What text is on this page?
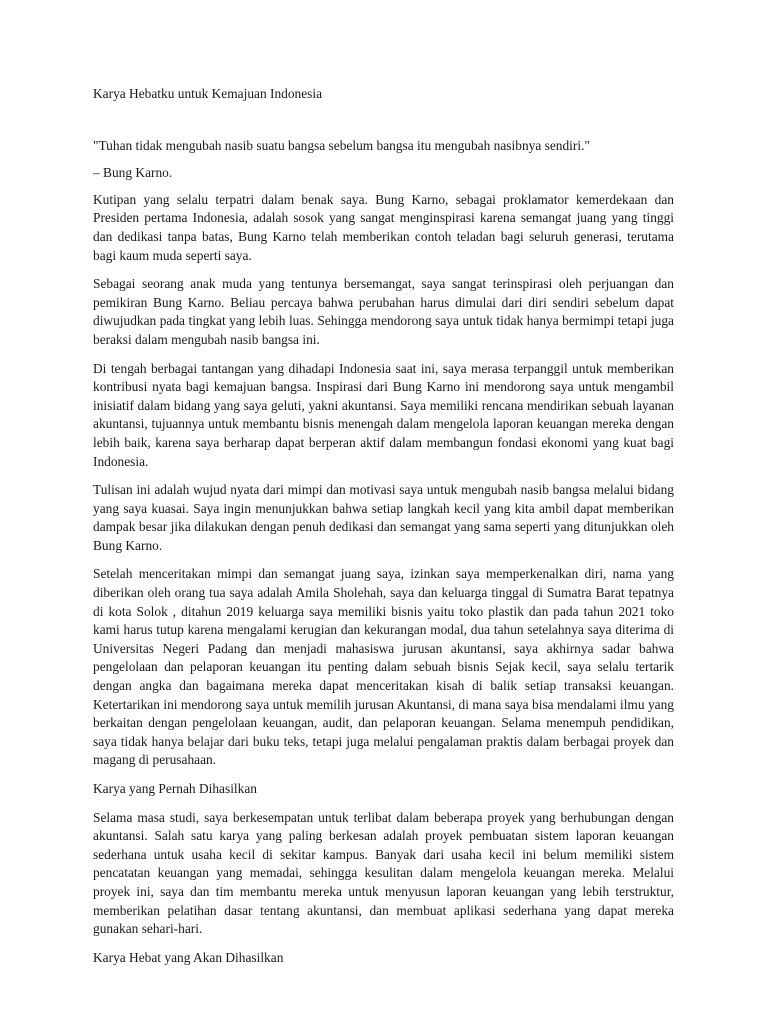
Karya Hebatku untuk Kemajuan Indonesia

"Tuhan tidak mengubah nasib suatu bangsa sebelum bangsa itu mengubah nasibnya sendiri."

– Bung Karno.

Kutipan yang selalu terpatri dalam benak saya. Bung Karno, sebagai proklamator kemerdekaan dan Presiden pertama Indonesia, adalah sosok yang sangat menginspirasi karena semangat juang yang tinggi dan dedikasi tanpa batas, Bung Karno telah memberikan contoh teladan bagi seluruh generasi, terutama bagi kaum muda seperti saya.

Sebagai seorang anak muda yang tentunya bersemangat, saya sangat terinspirasi oleh perjuangan dan pemikiran Bung Karno. Beliau percaya bahwa perubahan harus dimulai dari diri sendiri sebelum dapat diwujudkan pada tingkat yang lebih luas. Sehingga mendorong saya untuk tidak hanya bermimpi tetapi juga beraksi dalam mengubah nasib bangsa ini.

Di tengah berbagai tantangan yang dihadapi Indonesia saat ini, saya merasa terpanggil untuk memberikan kontribusi nyata bagi kemajuan bangsa. Inspirasi dari Bung Karno ini mendorong saya untuk mengambil inisiatif dalam bidang yang saya geluti, yakni akuntansi. Saya memiliki rencana mendirikan sebuah layanan akuntansi, tujuannya untuk membantu bisnis menengah dalam mengelola laporan keuangan mereka dengan lebih baik, karena saya berharap dapat berperan aktif dalam membangun fondasi ekonomi yang kuat bagi Indonesia.

Tulisan ini adalah wujud nyata dari mimpi dan motivasi saya untuk mengubah nasib bangsa melalui bidang yang saya kuasai. Saya ingin menunjukkan bahwa setiap langkah kecil yang kita ambil dapat memberikan dampak besar jika dilakukan dengan penuh dedikasi dan semangat yang sama seperti yang ditunjukkan oleh Bung Karno.

Setelah menceritakan mimpi dan semangat juang saya, izinkan saya memperkenalkan diri, nama yang diberikan oleh orang tua saya adalah Amila Sholehah, saya dan keluarga tinggal di Sumatra Barat tepatnya di kota Solok , ditahun 2019 keluarga saya memiliki bisnis yaitu toko plastik dan pada tahun 2021 toko kami harus tutup karena mengalami kerugian dan kekurangan modal, dua tahun setelahnya saya diterima di Universitas Negeri Padang dan menjadi mahasiswa jurusan akuntansi, saya akhirnya sadar bahwa pengelolaan dan pelaporan keuangan itu penting dalam sebuah bisnis Sejak kecil, saya selalu tertarik dengan angka dan bagaimana mereka dapat menceritakan kisah di balik setiap transaksi keuangan. Ketertarikan ini mendorong saya untuk memilih jurusan Akuntansi, di mana saya bisa mendalami ilmu yang berkaitan dengan pengelolaan keuangan, audit, dan pelaporan keuangan. Selama menempuh pendidikan, saya tidak hanya belajar dari buku teks, tetapi juga melalui pengalaman praktis dalam berbagai proyek dan magang di perusahaan.

Karya yang Pernah Dihasilkan

Selama masa studi, saya berkesempatan untuk terlibat dalam beberapa proyek yang berhubungan dengan akuntansi. Salah satu karya yang paling berkesan adalah proyek pembuatan sistem laporan keuangan sederhana untuk usaha kecil di sekitar kampus. Banyak dari usaha kecil ini belum memiliki sistem pencatatan keuangan yang memadai, sehingga kesulitan dalam mengelola keuangan mereka. Melalui proyek ini, saya dan tim membantu mereka untuk menyusun laporan keuangan yang lebih terstruktur, memberikan pelatihan dasar tentang akuntansi, dan membuat aplikasi sederhana yang dapat mereka gunakan sehari-hari.

Karya Hebat yang Akan Dihasilkan
